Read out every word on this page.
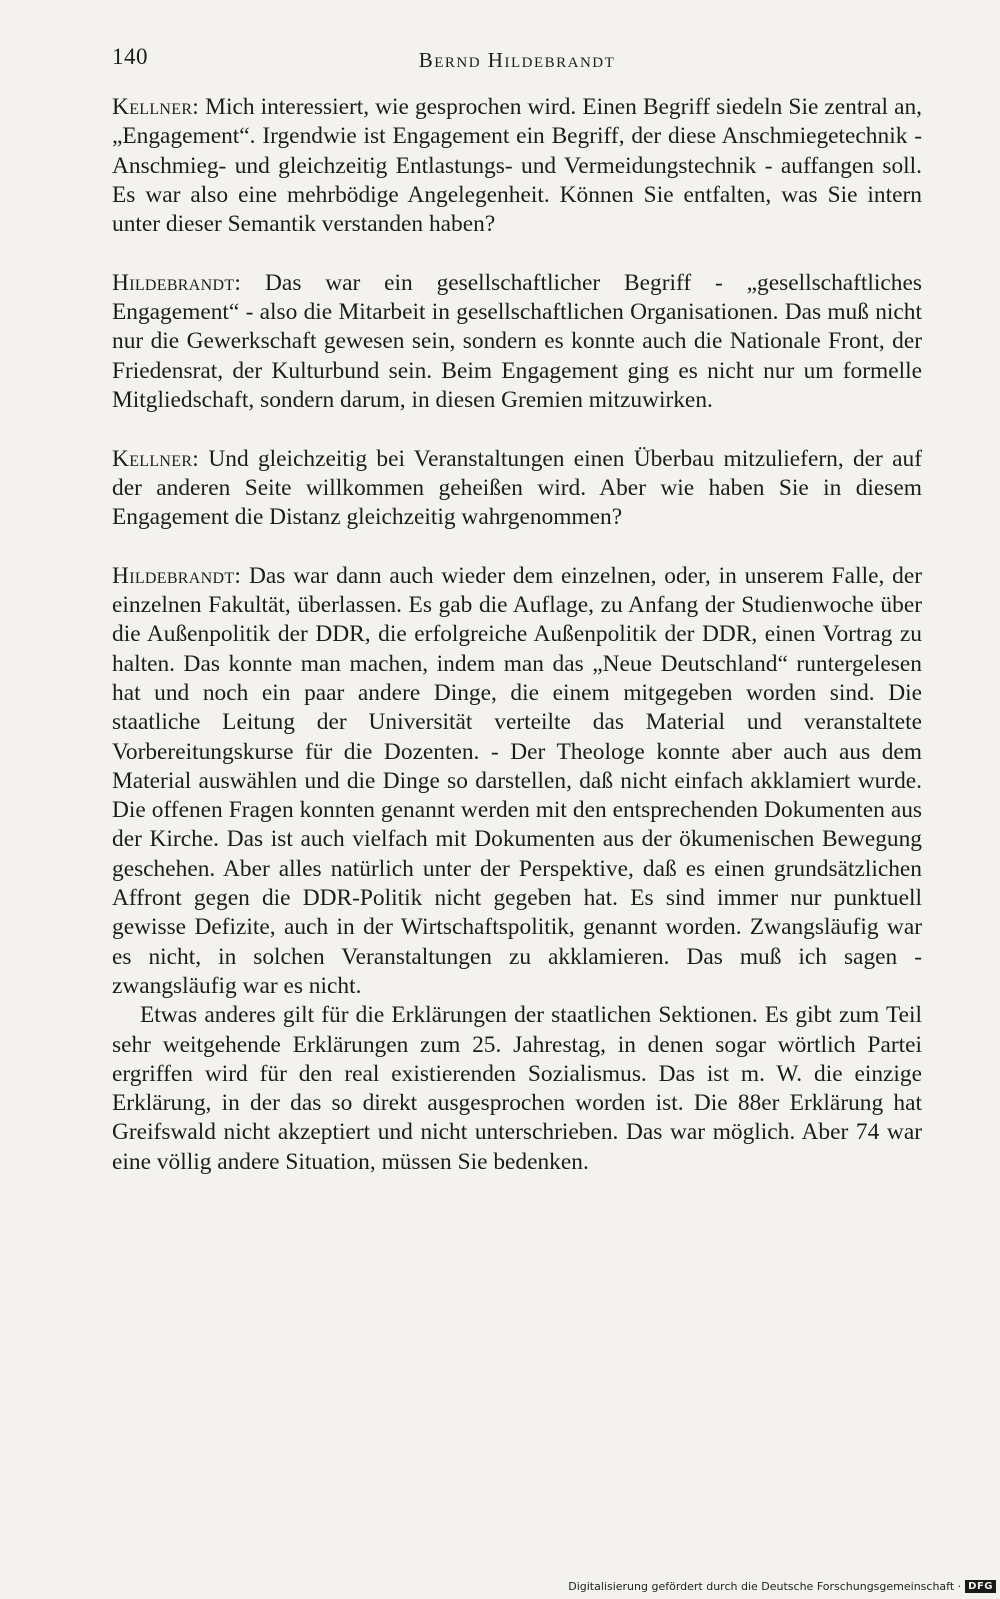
140	Bernd Hildebrandt

Kellner: Mich interessiert, wie gesprochen wird. Einen Begriff siedeln Sie zentral an, „Engagement“. Irgendwie ist Engagement ein Begriff, der diese Anschmiegetechnik - Anschmieg- und gleichzeitig Entlastungs- und Vermeidungstechnik - auffangen soll. Es war also eine mehrbödige Angelegenheit. Können Sie entfalten, was Sie intern unter dieser Semantik verstanden haben?

Hildebrandt: Das war ein gesellschaftlicher Begriff - „gesellschaftliches Engagement“ - also die Mitarbeit in gesellschaftlichen Organisationen. Das muß nicht nur die Gewerkschaft gewesen sein, sondern es konnte auch die Nationale Front, der Friedensrat, der Kulturbund sein. Beim Engagement ging es nicht nur um formelle Mitgliedschaft, sondern darum, in diesen Gremien mitzuwirken.

Kellner: Und gleichzeitig bei Veranstaltungen einen Überbau mitzuliefern, der auf der anderen Seite willkommen geheißen wird. Aber wie haben Sie in diesem Engagement die Distanz gleichzeitig wahrgenommen?

Hildebrandt: Das war dann auch wieder dem einzelnen, oder, in unserem Falle, der einzelnen Fakultät, überlassen. Es gab die Auflage, zu Anfang der Studienwoche über die Außenpolitik der DDR, die erfolgreiche Außenpolitik der DDR, einen Vortrag zu halten. Das konnte man machen, indem man das „Neue Deutschland“ runtergelesen hat und noch ein paar andere Dinge, die einem mitgegeben worden sind. Die staatliche Leitung der Universität verteilte das Material und veranstaltete Vorbereitungskurse für die Dozenten. - Der Theologe konnte aber auch aus dem Material auswählen und die Dinge so darstellen, daß nicht einfach akklamiert wurde. Die offenen Fragen konnten genannt werden mit den entsprechenden Dokumenten aus der Kirche. Das ist auch vielfach mit Dokumenten aus der ökumenischen Bewegung geschehen. Aber alles natürlich unter der Perspektive, daß es einen grundsätzlichen Affront gegen die DDR-Politik nicht gegeben hat. Es sind immer nur punktuell gewisse Defizite, auch in der Wirtschaftspolitik, genannt worden. Zwangsläufig war es nicht, in solchen Veranstaltungen zu akklamieren. Das muß ich sagen - zwangsläufig war es nicht.

Etwas anderes gilt für die Erklärungen der staatlichen Sektionen. Es gibt zum Teil sehr weitgehende Erklärungen zum 25. Jahrestag, in denen sogar wörtlich Partei ergriffen wird für den real existierenden Sozialismus. Das ist m. W. die einzige Erklärung, in der das so direkt ausgesprochen worden ist. Die 88er Erklärung hat Greifswald nicht akzeptiert und nicht unterschrieben. Das war möglich. Aber 74 war eine völlig andere Situation, müssen Sie bedenken.

Digitalisierung gefördert durch die Deutsche Forschungsgemeinschaft · DFG
